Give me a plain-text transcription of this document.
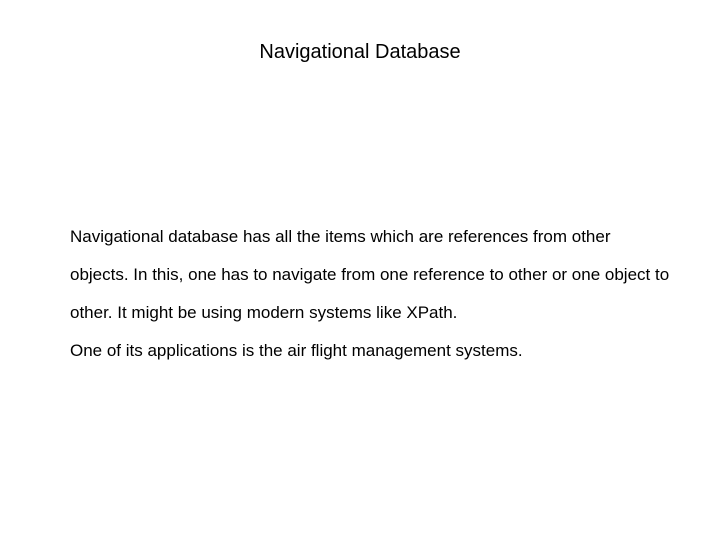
Navigational Database

Navigational database has all the items which are references from other objects. In this, one has to navigate from one reference to other or one object to other. It might be using modern systems like XPath.

One of its applications is the air flight management systems.
